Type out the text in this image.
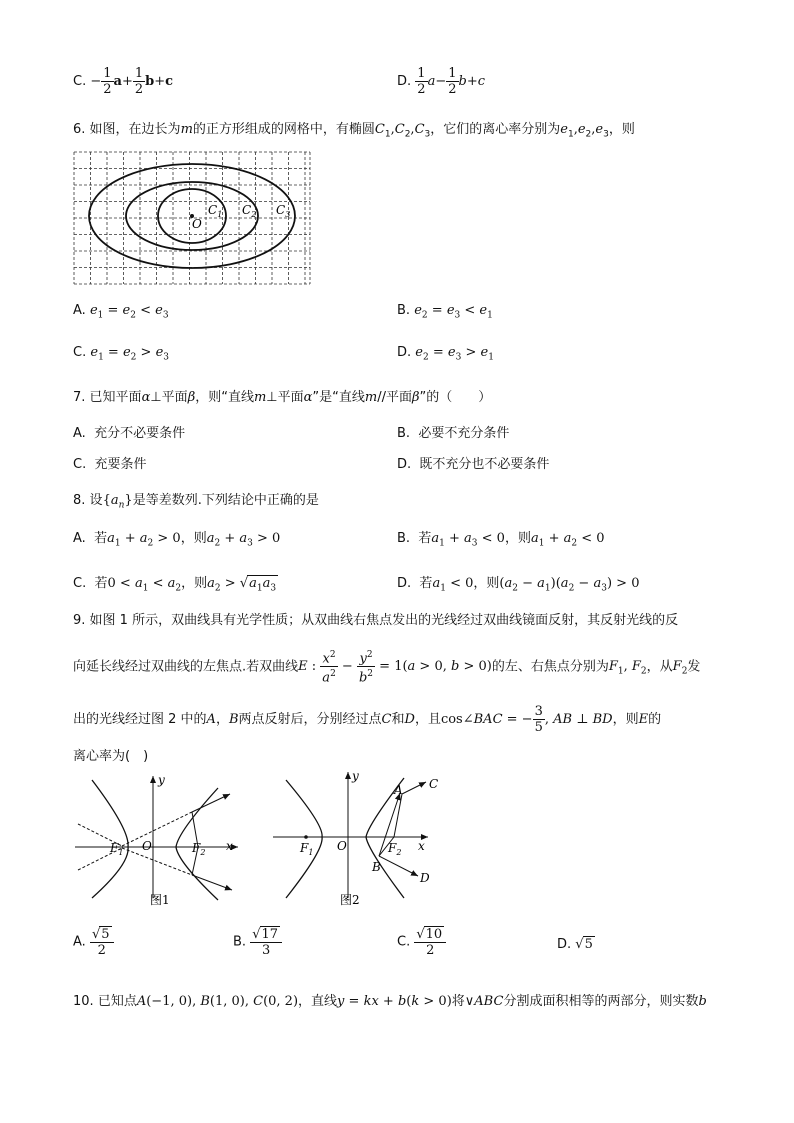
C. − $\frac{1}{2} a+ \frac{1}{2} b+c$	D. $\frac{1}{2} a- \frac{1}{2} b+c$
6. 如图，在边长为m的正方形组成的网格中，有椭圆$C_1,C_2,C_3$，它们的离心率分别为$e_1,e_2,e_3$，则
O
$C_1$ $C_2$ $C_3$
A. $e_1 = e_2 < e_3$	B. $e_2 = e_3 < e_1$
C. $e_1 = e_2 > e_3$	D. $e_2 = e_3 > e_1$
7. 已知平面α⊥平面β，则“直线m⊥平面α”是“直线m//平面β”的（　　）
A. 充分不必要条件	B. 必要不充分条件
C. 充要条件	D. 既不充分也不必要条件
8. 设$\{a_n\}$是等差数列.下列结论中正确的是
A. 若$a_1 + a_2 > 0$，则$a_2 + a_3 > 0$	B. 若$a_1 + a_3 < 0$，则$a_1 + a_2 < 0$
C. 若$0 < a_1 < a_2$，则$a_2 > √a_1a_3$	D. 若$a_1 < 0$，则$(a_2 - a_1)(a_2 - a_3) > 0$
9. 如图 1 所示，双曲线具有光学性质；从双曲线右焦点发出的光线经过双曲线镜面反射，其反射光线的反
向延长线经过双曲线的左焦点.若双曲线E : $\frac{x^2}{a^2} - \frac{y^2}{b^2} = 1(a > 0$, b > 0)的左、右焦点分别为$F_1$, $F_2$，从$F_2$发
出的光线经过图 2 中的A，B两点反射后，分别经过点C和D，且cos∠BAC = − $\frac{3}{5}$ , AB ⊥ BD，则E的
离心率为(　)
y
x
O
$F_1$	$F_2$
图1
y
x
O
$F_1$	$F_2$
A C
B
D
图2
A. $\frac{√5}{2}$	B. $\frac{√17}{3}$	C. $\frac{√10}{2}$	D. √5
10. 已知点A(−1, 0), B(1, 0), C(0, 2)，直线y = kx + b(k > 0)将∨ABC分割成面积相等的两部分，则实数b
